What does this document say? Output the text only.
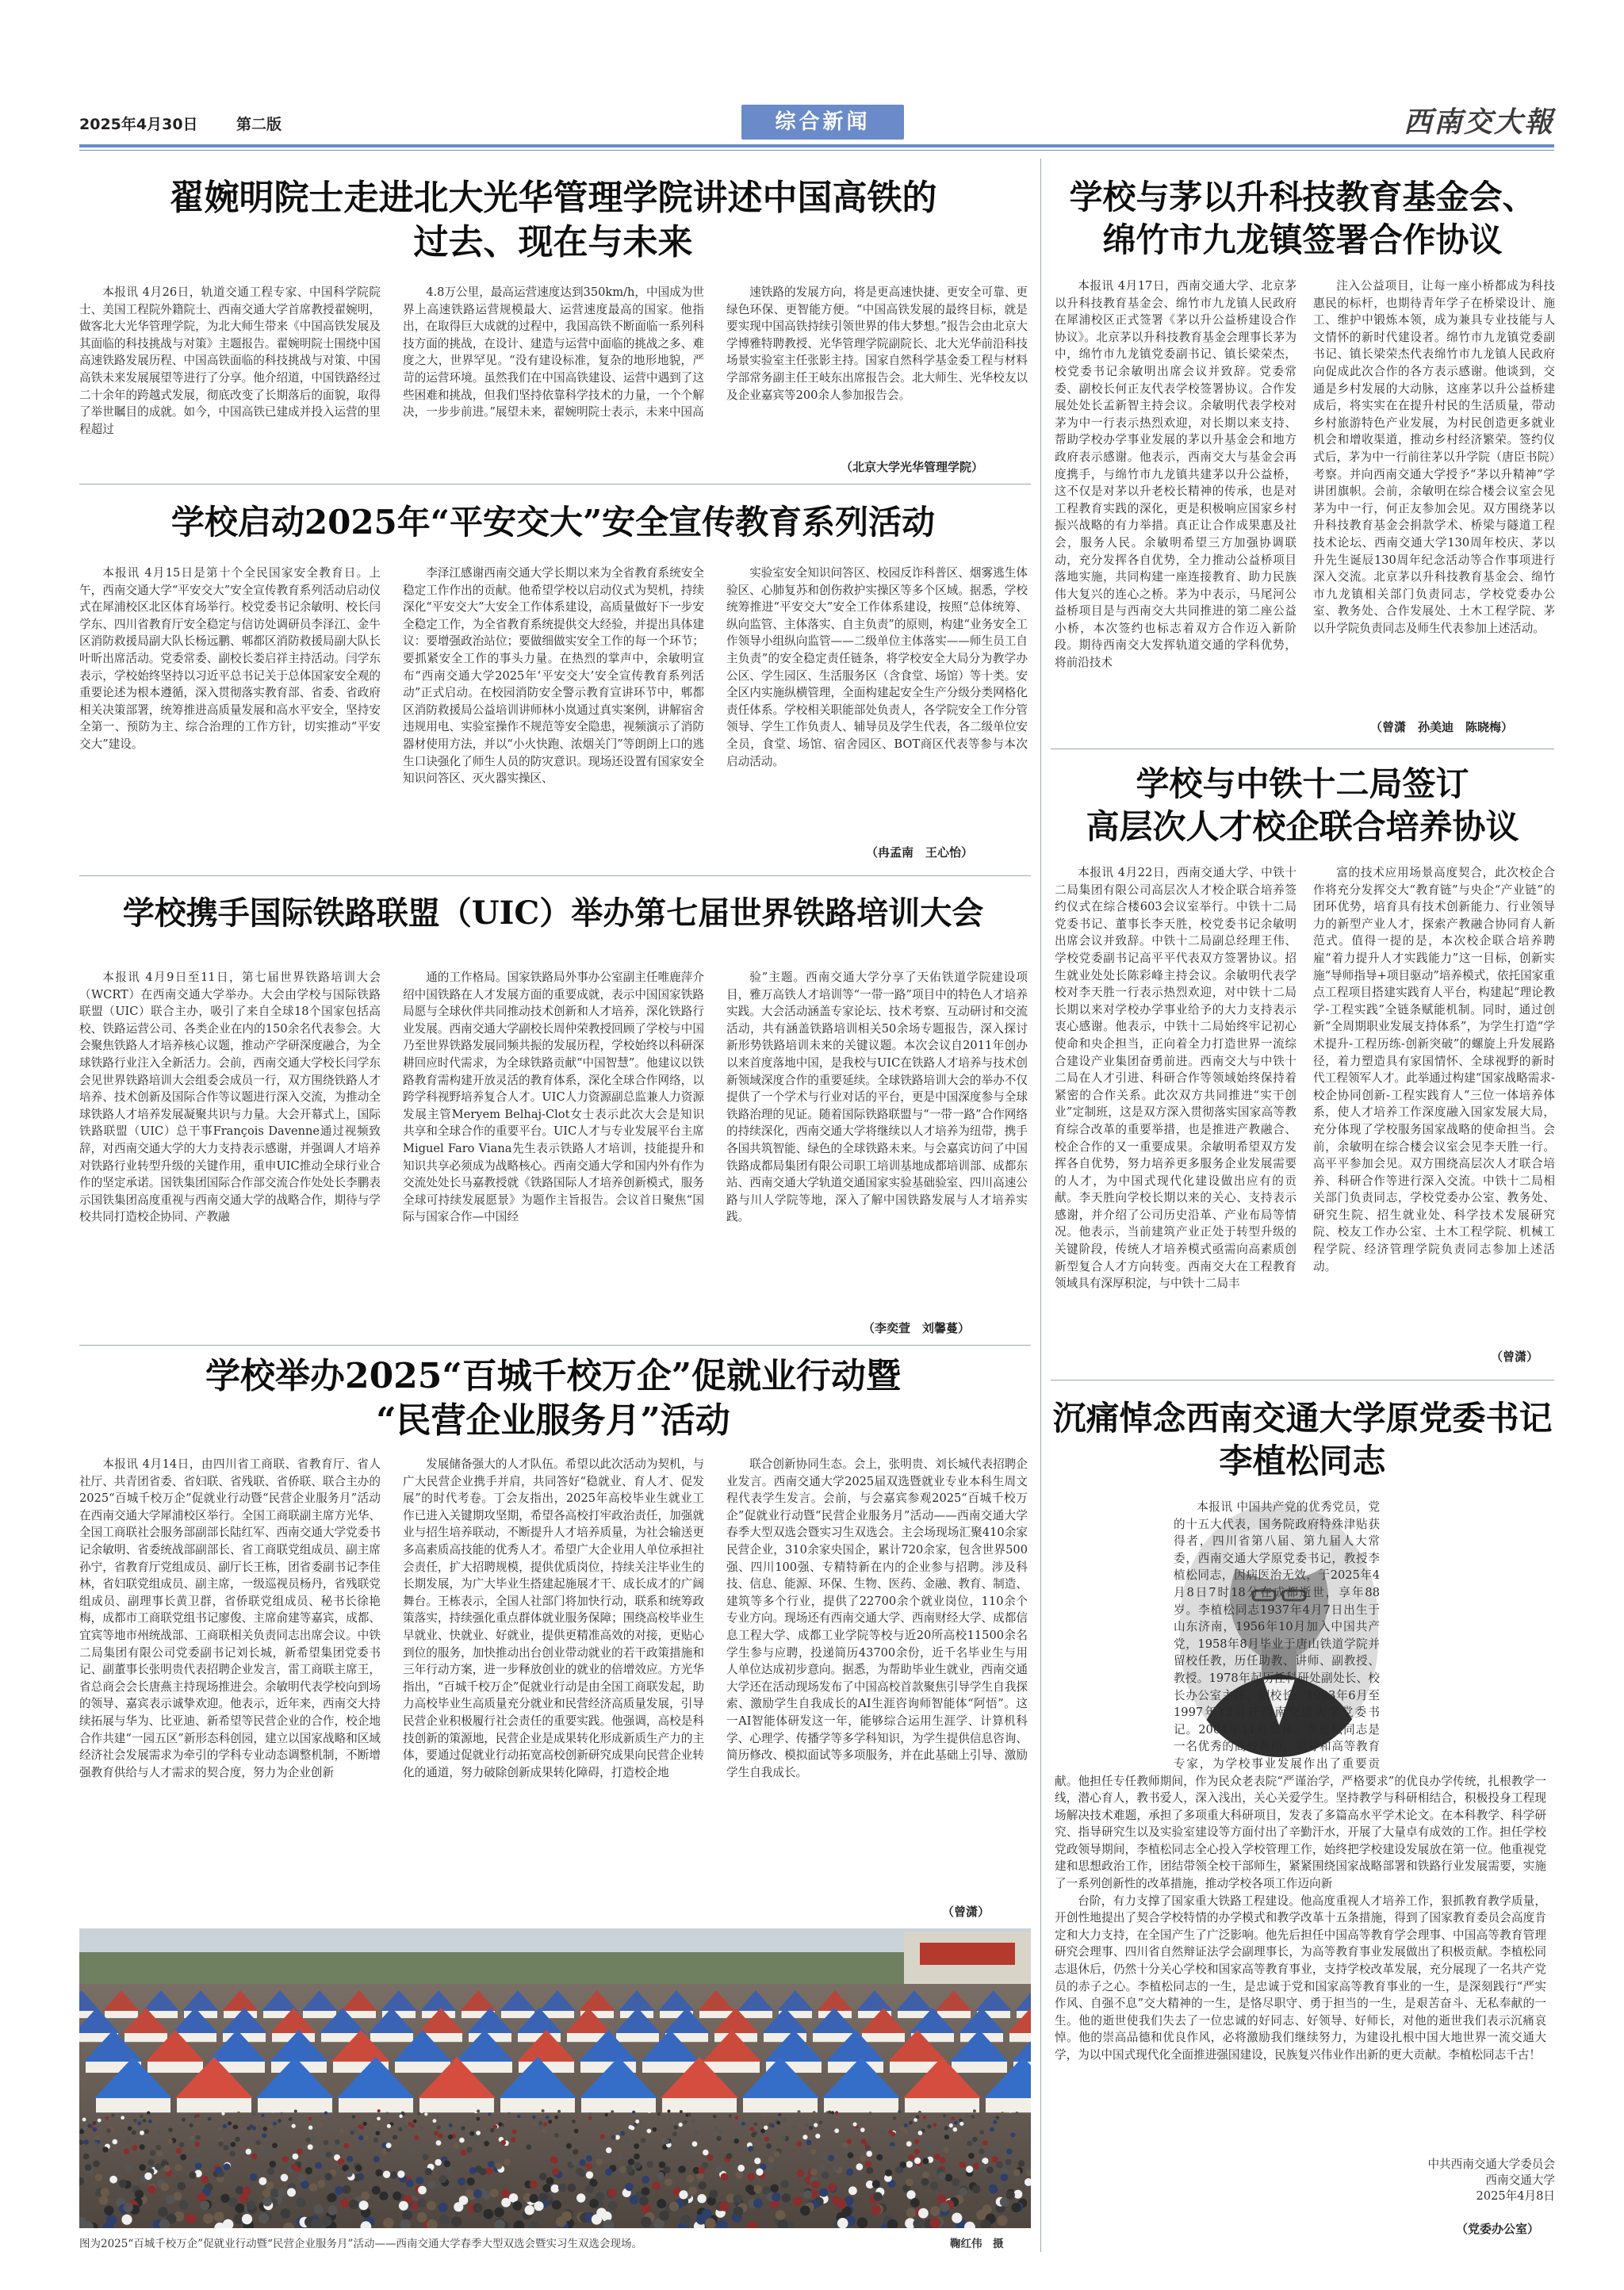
2025年4月30日	第二版	综合新闻	西南交大報
翟婉明院士走进北大光华管理学院讲述中国高铁的
过去、现在与未来

本报讯 4月26日，轨道交通工程专家、中国科学院院士、美国工程院外籍院士、西南交通大学首席教授翟婉明，做客北大光华管理学院，为北大师生带来《中国高铁发展及其面临的科技挑战与对策》主题报告。翟婉明院士围绕中国高速铁路发展历程、中国高铁面临的科技挑战与对策、中国高铁未来发展展望等进行了分享。他介绍道，中国铁路经过二十余年的跨越式发展，彻底改变了长期落后的面貌，取得了举世瞩目的成就。如今，中国高铁已建成并投入运营的里程超过

4.8万公里，最高运营速度达到350km/h，中国成为世界上高速铁路运营规模最大、运营速度最高的国家。他指出，在取得巨大成就的过程中，我国高铁不断面临一系列科技方面的挑战，在设计、建造与运营中面临的挑战之多、难度之大，世界罕见。“没有建设标准，复杂的地形地貌，严苛的运营环境。虽然我们在中国高铁建设、运营中遇到了这些困难和挑战，但我们坚持依靠科学技术的力量，一个个解决，一步步前进。”展望未来，翟婉明院士表示，未来中国高

速铁路的发展方向，将是更高速快捷、更安全可靠、更绿色环保、更智能方便。“中国高铁发展的最终目标，就是要实现中国高铁持续引领世界的伟大梦想。”报告会由北京大学博雅特聘教授、光华管理学院副院长、北大光华前沿科技场景实验室主任张影主持。国家自然科学基金委工程与材料学部常务副主任王岐东出席报告会。北大师生、光华校友以及企业嘉宾等200余人参加报告会。

（北京大学光华管理学院）
学校启动2025年“平安交大”安全宣传教育系列活动

本报讯 4月15日是第十个全民国家安全教育日。上午，西南交通大学“平安交大”安全宣传教育系列活动启动仪式在犀浦校区北区体育场举行。校党委书记余敏明、校长闫学东、四川省教育厅安全稳定与信访处调研员李泽江、金牛区消防救援局副大队长杨远鹏、郫都区消防救援局副大队长叶昕出席活动。党委常委、副校长娄启祥主持活动。闫学东表示，学校始终坚持以习近平总书记关于总体国家安全观的重要论述为根本遵循，深入贯彻落实教育部、省委、省政府相关决策部署，统筹推进高质量发展和高水平安全，坚持安全第一、预防为主、综合治理的工作方针，切实推动“平安交大”建设。

李泽江感谢西南交通大学长期以来为全省教育系统安全稳定工作作出的贡献。他希望学校以启动仪式为契机，持续深化“平安交大”大安全工作体系建设，高质量做好下一步安全稳定工作，为全省教育系统提供交大经验，并提出具体建议：要增强政治站位；要做细做实安全工作的每一个环节；要抓紧安全工作的事头力量。在热烈的掌声中，余敏明宣布“西南交通大学2025年‘平安交大’安全宣传教育系列活动”正式启动。在校园消防安全警示教育宣讲环节中，郫都区消防救援局公益培训讲师林小岚通过真实案例，讲解宿舍违规用电、实验室操作不规范等安全隐患，视频演示了消防器材使用方法，并以“小火快跑、浓烟关门”等朗朗上口的逃生口诀强化了师生人员的防灾意识。现场还设置有国家安全知识问答区、灭火器实操区、

实验室安全知识问答区、校园反诈科普区、烟雾逃生体验区、心肺复苏和创伤救护实操区等多个区域。据悉，学校统筹推进“平安交大”安全工作体系建设，按照“总体统筹、纵向监管、主体落实、自主负责”的原则，构建“业务安全工作领导小组纵向监管——二级单位主体落实——师生员工自主负责”的安全稳定责任链条，将学校安全大局分为教学办公区、学生园区、生活服务区（含食堂、场馆）等十类。安全区内实施纵横管理，全面构建起安全生产分级分类网格化责任体系。学校相关职能部处负责人，各学院安全工作分管领导、学生工作负责人、辅导员及学生代表，各二级单位安全员，食堂、场馆、宿舍园区、BOT商区代表等参与本次启动活动。

（冉孟南　王心怡）
学校携手国际铁路联盟（UIC）举办第七届世界铁路培训大会

本报讯 4月9日至11日，第七届世界铁路培训大会（WCRT）在西南交通大学举办。大会由学校与国际铁路联盟（UIC）联合主办，吸引了来自全球18个国家包括高校、铁路运营公司、各类企业在内的150余名代表参会。大会聚焦铁路人才培养核心议题，推动产学研深度融合，为全球铁路行业注入全新活力。会前，西南交通大学校长闫学东会见世界铁路培训大会组委会成员一行，双方围绕铁路人才培养、技术创新及国际合作等议题进行深入交流，为推动全球铁路人才培养发展凝聚共识与力量。大会开幕式上，国际铁路联盟（UIC）总干事François Davenne通过视频致辞，对西南交通大学的大力支持表示感谢，并强调人才培养对铁路行业转型升级的关键作用，重申UIC推动全球行业合作的坚定承诺。国铁集团国际合作部交流合作处处长李鹏表示国铁集团高度重视与西南交通大学的战略合作，期待与学校共同打造校企协同、产教融

通的工作格局。国家铁路局外事办公室副主任唯鹿萍介绍中国铁路在人才发展方面的重要成就，表示中国国家铁路局愿与全球伙伴共同推动技术创新和人才培养，深化铁路行业发展。西南交通大学副校长周仲荣教授回顾了学校与中国乃至世界铁路发展同频共振的发展历程，学校始终以科研深耕回应时代需求，为全球铁路贡献“中国智慧”。他建议以铁路教育需构建开放灵活的教育体系，深化全球合作网络，以跨学科视野培养复合人才。UIC人力资源副总监兼人力资源发展主管Meryem Belhaj-Clot女士表示此次大会是知识共享和全球合作的重要平台。UIC人才与专业发展平台主席Miguel Faro Viana先生表示铁路人才培训，技能提升和知识共享必须成为战略核心。西南交通大学和国内外有作为交流处处长马嘉教授就《铁路国际人才培养创新模式，服务全球可持续发展愿景》为题作主旨报告。会议首日聚焦“国际与国家合作—中国经

验”主题。西南交通大学分享了天佑铁道学院建设项目，雅万高铁人才培训等“一带一路”项目中的特色人才培养实践。大会活动涵盖专家论坛、技术考察、互动研讨和交流活动，共有涵盖铁路培训相关50余场专题报告，深入探讨新形势铁路培训未来的关键议题。本次会议自2011年创办以来首度落地中国，是我校与UIC在铁路人才培养与技术创新领域深度合作的重要延续。全球铁路培训大会的举办不仅提供了一个学术与行业对话的平台，更是中国深度参与全球铁路治理的见证。随着国际铁路联盟与“一带一路”合作网络的持续深化，西南交通大学将继续以人才培养为纽带，携手各国共筑智能、绿色的全球铁路未来。与会嘉宾访问了中国铁路成都局集团有限公司职工培训基地成都培训部、成都东站、西南交通大学轨道交通国家实验基础验室、四川高速公路与川人学院等地，深入了解中国铁路发展与人才培养实践。

（李奕萱　刘馨蔓）
学校举办2025“百城千校万企”促就业行动暨
“民营企业服务月”活动

本报讯 4月14日，由四川省工商联、省教育厅、省人社厅、共青团省委、省妇联、省残联、省侨联、联合主办的2025“百城千校万企”促就业行动暨“民营企业服务月”活动在西南交通大学犀浦校区举行。全国工商联副主席方光华、全国工商联社会服务部副部长陆红军、西南交通大学党委书记余敏明、省委统战部副部长、省工商联党组成员、副主席孙宁，省教育厅党组成员、副厅长王栋，团省委副书记李佳林，省妇联党组成员、副主席，一级巡视员杨丹，省残联党组成员、副理事长黄卫群，省侨联党组成员、秘书长徐艳梅，成都市工商联党组书记廖俊、主席俞建等嘉宾，成都、宜宾等地市州统战部、工商联相关负责同志出席会议。中铁二局集团有限公司党委副书记刘长城，新希望集团党委书记、副董事长张明贵代表招聘企业发言，雷工商联主席王，省总商会会长唐燕主持现场推进会。余敏明代表学校向到场的领导、嘉宾表示诚挚欢迎。他表示，近年来，西南交大持续拓展与华为、比亚迪、新希望等民营企业的合作，校企地合作共建“一园五区”新形态科创园，建立以国家战略和区域经济社会发展需求为牵引的学科专业动态调整机制，不断增强教育供给与人才需求的契合度，努力为企业创新

发展储备强大的人才队伍。希望以此次活动为契机，与广大民营企业携手并肩，共同答好“稳就业、育人才、促发展”的时代考卷。丁会友指出，2025年高校毕业生就业工作已进入关键期攻坚期，希望各高校打牢政治责任，加强就业与招生培养联动，不断提升人才培养质量，为社会输送更多高素质高技能的优秀人才。希望广大企业用人单位承担社会责任，扩大招聘规模，提供优质岗位，持续关注毕业生的长期发展，为广大毕业生搭建起施展才干、成长成才的广阔舞台。王栋表示，全国人社部门将加快行动，联系和统筹政策落实，持续强化重点群体就业服务保障；围绕高校毕业生早就业、快就业、好就业，提供更精准高效的对接，更贴心到位的服务，加快推动出台创业带动就业的若干政策措施和三年行动方案，进一步释放创业的就业的倍增效应。方光华指出，“百城千校万企”促就业行动是由全国工商联发起，助力高校毕业生高质量充分就业和民营经济高质量发展，引导民营企业积极履行社会责任的重要实践。他强调，高校是科技创新的策源地，民营企业是成果转化形成新质生产力的主体，要通过促就业行动拓宽高校创新研究成果向民营企业转化的通道，努力破除创新成果转化障碍，打造校企地

联合创新协同生态。会上，张明贵、刘长城代表招聘企业发言。西南交通大学2025届双选暨就业专业本科生周文程代表学生发言。会前，与会嘉宾参观2025“百城千校万企”促就业行动暨“民营企业服务月”活动——西南交通大学春季大型双选会暨实习生双选会。主会场现场汇聚410余家民营企业，310余家央国企，累计720余家，包含世界500强、四川100强、专精特新在内的企业参与招聘。涉及科技、信息、能源、环保、生物、医药、金融、教育、制造、建筑等多个行业，提供了22700余个就业岗位，110余个专业方向。现场还有西南交通大学、西南财经大学、成都信息工程大学、成都工业学院等校与近20所高校11500余名学生参与应聘，投递简历43700余份，近千名毕业生与用人单位达成初步意向。据悉，为帮助毕业生就业，西南交通大学还在活动现场发布了中国高校首款聚焦引导学生自我探索、激励学生自我成长的AI生涯咨询师智能体“阿悟”。这一AI智能体研发这一年，能够综合运用生涯学、计算机科学、心理学、传播学等多学科知识，为学生提供信息咨询、简历修改、模拟面试等多项服务，并在此基础上引导、激励学生自我成长。

（曾潇）
图为2025“百城千校万企”促就业行动暨“民营企业服务月”活动——西南交通大学春季大型双选会暨实习生双选会现场。	鞠红伟　摄
学校与茅以升科技教育基金会、
绵竹市九龙镇签署合作协议

本报讯 4月17日，西南交通大学、北京茅以升科技教育基金会、绵竹市九龙镇人民政府在犀浦校区正式签署《茅以升公益桥建设合作协议》。北京茅以升科技教育基金会理事长茅为中，绵竹市九龙镇党委副书记、镇长梁荣杰，校党委书记余敏明出席会议并致辞。党委常委、副校长何正友代表学校签署协议。合作发展处处长孟新智主持会议。余敏明代表学校对茅为中一行表示热烈欢迎，对长期以来支持、帮助学校办学事业发展的茅以升基金会和地方政府表示感谢。他表示，西南交大与基金会再度携手，与绵竹市九龙镇共建茅以升公益桥，这不仅是对茅以升老校长精神的传承，也是对工程教育实践的深化，更是积极响应国家乡村振兴战略的有力举措。真正让合作成果惠及社会，服务人民。余敏明希望三方加强协调联动，充分发挥各自优势，全力推动公益桥项目落地实施，共同构建一座连接教育、助力民族伟大复兴的连心之桥。茅为中表示，马尾河公益桥项目是与西南交大共同推进的第二座公益小桥，本次签约也标志着双方合作迈入新阶段。期待西南交大发挥轨道交通的学科优势，将前沿技术

注入公益项目，让每一座小桥都成为科技惠民的标杆，也期待青年学子在桥梁设计、施工、维护中锻炼本领，成为兼具专业技能与人文情怀的新时代建设者。绵竹市九龙镇党委副书记、镇长梁荣杰代表绵竹市九龙镇人民政府向促成此次合作的各方表示感谢。他谈到，交通是乡村发展的大动脉，这座茅以升公益桥建成后，将实实在在提升村民的生活质量，带动乡村旅游特色产业发展，为村民创造更多就业机会和增收渠道，推动乡村经济繁荣。签约仪式后，茅为中一行前往茅以升学院（唐臣书院）考察。并向西南交通大学授予“茅以升精神”学讲团旗帜。会前，余敏明在综合楼会议室会见茅为中一行，何正友参加会见。双方围绕茅以升科技教育基金会捐款学术、桥梁与隧道工程技术论坛、西南交通大学130周年校庆、茅以升先生诞辰130周年纪念活动等合作事项进行深入交流。北京茅以升科技教育基金会、绵竹市九龙镇相关部门负责同志，学校党委办公室、教务处、合作发展处、土木工程学院、茅以升学院负责同志及师生代表参加上述活动。

（曾潇　孙美迪　陈晓梅）
学校与中铁十二局签订
高层次人才校企联合培养协议

本报讯 4月22日，西南交通大学、中铁十二局集团有限公司高层次人才校企联合培养签约仪式在综合楼603会议室举行。中铁十二局党委书记、董事长李天胜，校党委书记余敏明出席会议并致辞。中铁十二局副总经理王伟、学校党委副书记高平平代表双方签署协议。招生就业处处长陈彩峰主持会议。余敏明代表学校对李天胜一行表示热烈欢迎，对中铁十二局长期以来对学校办学事业给予的大力支持表示衷心感谢。他表示，中铁十二局始终牢记初心使命和央企担当，正向着全力打造世界一流综合建设产业集团奋勇前进。西南交大与中铁十二局在人才引进、科研合作等领域始终保持着紧密的合作关系。此次双方共同推进“实干创业”定制班，这是双方深入贯彻落实国家高等教育综合改革的重要举措，也是推进产教融合、校企合作的又一重要成果。余敏明希望双方发挥各自优势，努力培养更多服务企业发展需要的人才，为中国式现代化建设做出应有的贡献。李天胜向学校长期以来的关心、支持表示感谢，并介绍了公司历史沿革、产业布局等情况。他表示，当前建筑产业正处于转型升级的关键阶段，传统人才培养模式亟需向高素质创新型复合人才方向转变。西南交大在工程教育领域具有深厚积淀，与中铁十二局丰

富的技术应用场景高度契合，此次校企合作将充分发挥交大“教育链”与央企“产业链”的团环优势，培育具有技术创新能力、行业领导力的新型产业人才，探索产教融合协同育人新范式。值得一提的是，本次校企联合培养聘雇“着力提升人才实践能力”这一目标，创新实施“导师指导+项目驱动”培养模式，依托国家重点工程项目搭建实践育人平台，构建起“理论教学-工程实践”全链条赋能机制。同时，通过创新“全周期职业发展支持体系”，为学生打造“学术提升-工程历练-创新突破”的螺旋上升发展路径，着力塑造具有家国情怀、全球视野的新时代工程领军人才。此举通过构建“国家战略需求-校企协同创新-工程实践育人”三位一体培养体系，使人才培养工作深度融入国家发展大局，充分体现了学校服务国家战略的使命担当。会前，余敏明在综合楼会议室会见李天胜一行。高平平参加会见。双方围绕高层次人才联合培养、科研合作等进行深入交流。中铁十二局相关部门负责同志，学校党委办公室、教务处、研究生院、招生就业处、科学技术发展研究院、校友工作办公室、土木工程学院、机械工程学院、经济管理学院负责同志参加上述活动。

（曾潇）
沉痛悼念西南交通大学原党委书记
李植松同志

本报讯 中国共产党的优秀党员，党的十五大代表，国务院政府特殊津贴获得者，四川省第八届、第九届人大常委，西南交通大学原党委书记，教授李植松同志，因病医治无效，于2025年4月8日7时18分在成都逝世，享年88岁。李植松同志1937年4月7日出生于山东济南，1956年10月加入中国共产党，1958年8月毕业于唐山铁道学院并留校任教，历任助教、讲师、副教授、教授。1978年起历任科研处副处长、校长办公室主任、副校长。1993年6月至1997年12月任西南交通大学党委书记。2004年11月退休。李植松同志是一名优秀的高校教师，领导和高等教育专家，为学校事业发展作出了重要贡献。他担任专任教师期间，作为民众老表院“严谨治学，严格要求”的优良办学传统，扎根教学一线，潜心育人，教书爱人，深入浅出，关心关爱学生。坚持教学与科研相结合，积极投身工程现场解决技术难题，承担了多项重大科研项目，发表了多篇高水平学术论文。在本科教学、科学研究、指导研究生以及实验室建设等方面付出了辛勤汗水，开展了大量卓有成效的工作。担任学校党政领导期间，李植松同志全心投入学校管理工作，始终把学校建设发展放在第一位。他重视党建和思想政治工作，团结带领全校干部师生，紧紧围绕国家战略部署和铁路行业发展需要，实施了一系列创新性的改革措施，推动学校各项工作迈向新

台阶，有力支撑了国家重大铁路工程建设。他高度重视人才培养工作，狠抓教育教学质量，开创性地提出了契合学校特情的办学模式和教学改革十五条措施，得到了国家教育委员会高度肯定和大力支持，在全国产生了广泛影响。他先后担任中国高等教育学会理事、中国高等教育管理研究会理事、四川省自然辩证法学会副理事长，为高等教育事业发展做出了积极贡献。李植松同志退休后，仍然十分关心学校和国家高等教育事业，支持学校改革发展，充分展现了一名共产党员的赤子之心。李植松同志的一生，是忠诚于党和国家高等教育事业的一生，是深刻践行“严实作风、自强不息”交大精神的一生，是恪尽职守、勇于担当的一生，是艰苦奋斗、无私奉献的一生。他的逝世使我们失去了一位忠诚的好同志、好领导、好师长，对他的逝世我们表示沉痛哀悼。他的崇高品德和优良作风，必将激励我们继续努力，为建设扎根中国大地世界一流交通大学，为以中国式现代化全面推进强国建设，民族复兴伟业作出新的更大贡献。李植松同志千古！

中共西南交通大学委员会
西南交通大学
2025年4月8日
（党委办公室）
